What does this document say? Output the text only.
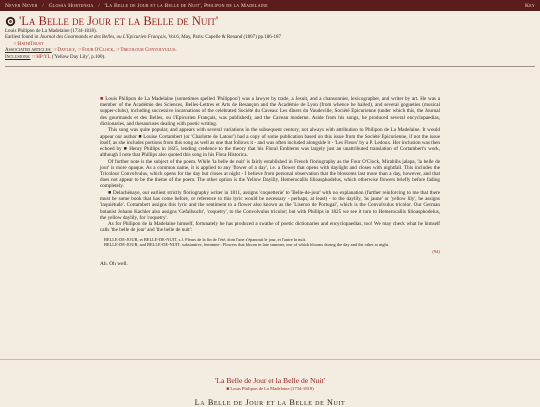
Never Never / Glossa Hortensia / 'La Belle de Jour et la Belle de Nuit', Philipon de la Madelaine	Key
'La Belle de Jour et la Belle de Nuit'
Louis Philipon de La Madelaine (1734-1818).
Earliest found in Journal des Gourmands et des Belles, ou L'Epicurien Français, Vol.6, May, Paris: Capelle & Renand (1807) pp.186-187
☞HathiTrust
Associated articles: ☞Daylily, ☞Four O'Clock, ☞Tricolour Convolvulus.
Inclusions: ☞HP:YL ('Yellow Day Lily', p.100).

■ Louis Philipon de La Madelaine (sometimes spelled 'Philippon') was a lawyer by trade, a Jesuit, and a chansonnier, lexicographer, and writer by art. He was a member of the Académie des Sciences, Belles-Lettres et Arts de Besançon and the Académie de Lyon (from whence he hailed), and several gogueties (musical supper-clubs), including successive incarnations of the celebrated Société du Caveau: Les dîners du Vaudeville, Société Epicurienne (under which this, the Journal des gourmands et des Belles, ou l'Epicurien Français, was published), and the Caveau moderne. Aside from his songs, he produced several encyclopaedias, dictionaries, and thesauruses dealing with poetic writing.

This song was quite popular, and appears with several variations in the subsequent century, not always with attribution to Philipon de La Madelaine. It would appear our author ■ Louise Cortambert (or 'Charlotte de Latour') had a copy of some publication based on this issue from the Société Epicurienne, if not the issue itself, as she includes portions from this song as well as one that follows it - and was often included alongside it - 'Les Fleurs' by a P. Ledoux. Her inclusion was then echoed by ■ Henry Phillips in 1825, lending credence to the theory that his Floral Emblems was largely just an unattributed translation of Cortambert's work, although I note that Phillips also quoted this song in his Flora Historica.

Of further note is the subject of the poem. While 'la belle de nuit' is fairly established in French floriography as the Four O'Clock, Mirabilis jalapa, 'la belle de jour' is more opaque. As a common name, it is applied to any 'flower of a day', i.e. a flower that opens with daylight and closes with nightfall. This includes the Tricolour Convolvulus, which opens for the day but closes at night - I believe from personal observation that the blossoms last more than a day, however, and that does not appear to be the theme of the poem. The other option is the Yellow Daylily, Hemerocallis lilioasphodelus, which otherwise flowers briefly before fading completely.

■ Delachénaye, our earliest strictly floriography writer in 1811, assigns 'coquetterie' to 'Belle-de-jour' with no explanation (further reinforcing to me that there must be some book that has come before, or reference to this lyric would be necessary - perhaps, at least) - to the daylily, 'às jaune' or 'yellow lily', he assigns 'inquiétude'. Cortambert assigns this lyric and the sentiment to a flower also known as the 'Liseron de Portugal', which is the Convolvulus tricolor. Our German botanist Johann Kachler also assigns 'Gefallsucht', 'coquetry', to the Convolvulus tricolor; but with Phillips in 1825 we see it turn to Hemerocallis lilioasphodelus, the yellow daylily, for 'coquetry'.

As for Philipon de la Madelaine himself, fortunately he has produced a swathe of poetic dictionaries and encyclopaedias, too! We may check what he himself calls 'the belle de jour' and 'the belle de nuit':

BELLE-DE-JOUR, et BELLE-DE-NUIT, s.f. Fleurs de la fin de l'été, dont l'une s'épanouit le jour, et l'autre la nuit.

BELLE-DE-JOUR, and BELLE-DE-NUIT, substantive, feminine : Flowers that bloom in late summer, one of which blooms during the day and the other at night.

(94)
Ah. Oh well.
'La Belle de Jour et la Belle de Nuit'
■ Louis Philipon de La Madelaine (1734-1818)
La Belle de Jour et la Belle de Nuit
